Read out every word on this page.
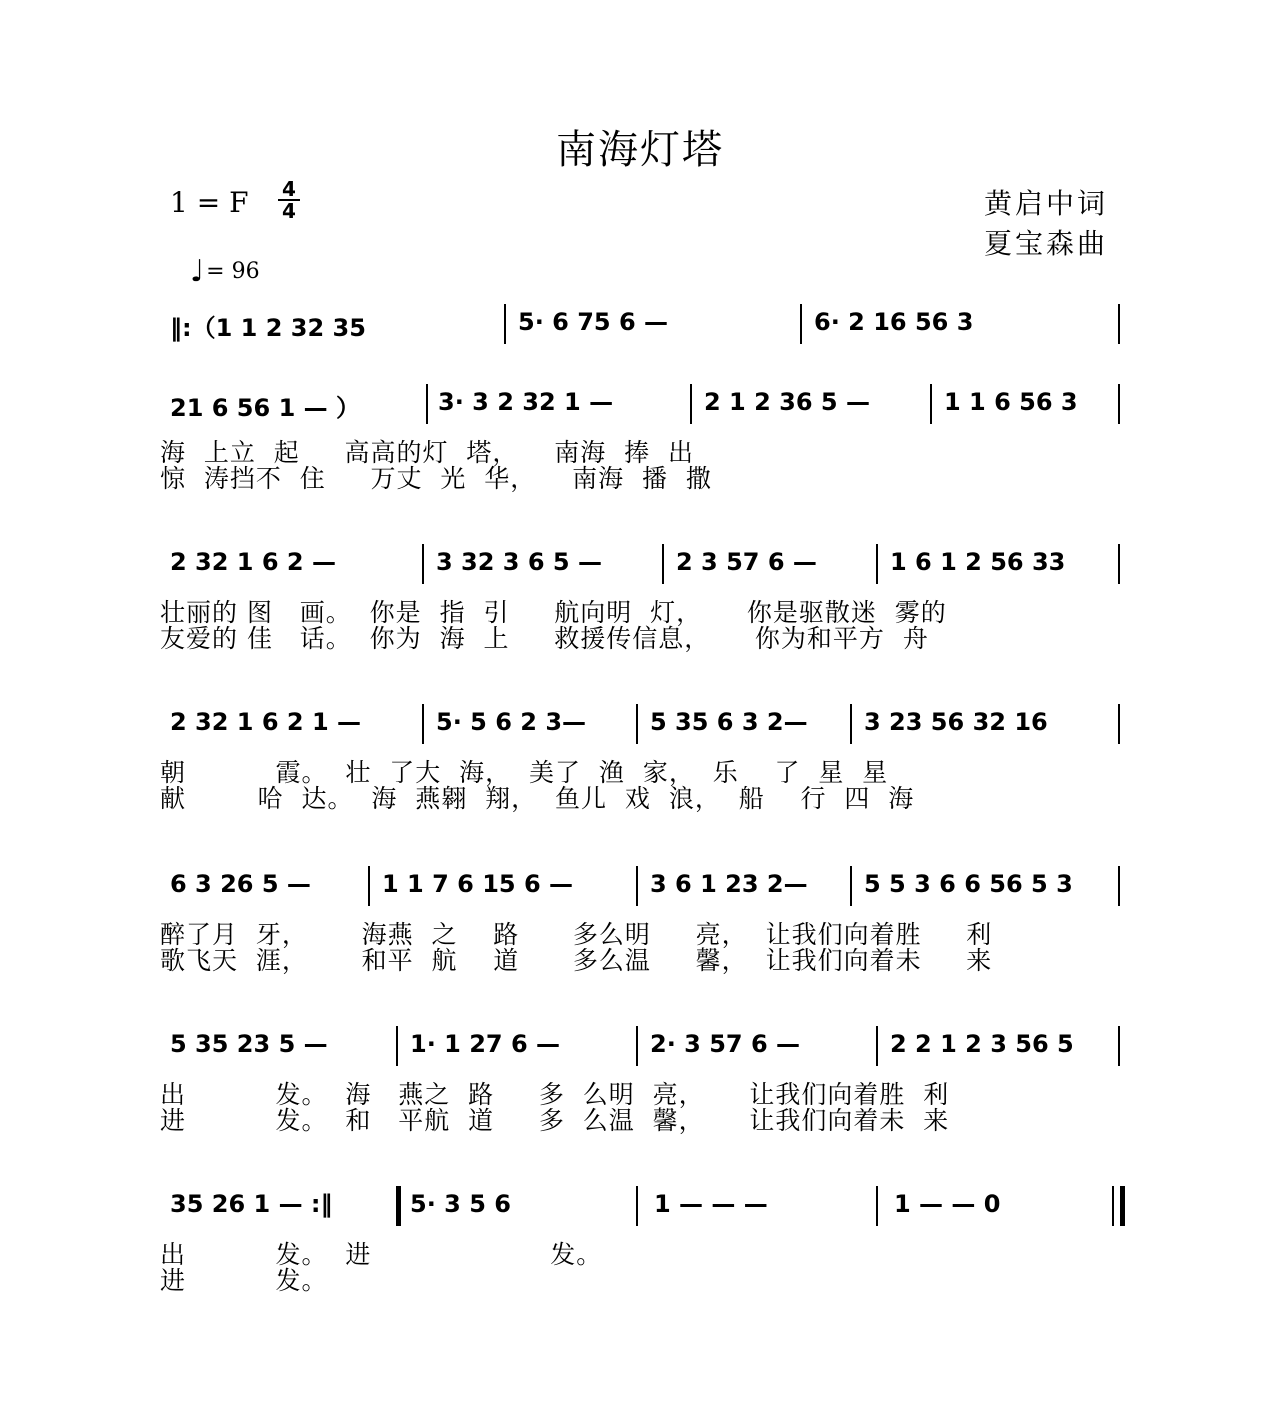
南海灯塔
1 = F 4
4
♩= 96
黄启中词
夏宝森曲
‖:（1 1 2 32 35	5· 6 75 6 —	6· 2 16 56 3
21 6 56 1 — ）	3· 3 2 32 1 —	2 1 2 36 5 —	1 1 6 56 3
海  上立  起     高高的灯  塔，    南海  捧  出
惊  涛挡不  住     万丈  光  华，    南海  播  撒
2 32 1 6 2 —	3 32 3 6 5 —	2 3 57 6 —	1 6 1 2 56 33
壮丽的 图   画。  你是  指  引     航向明  灯，     你是驱散迷  雾的
友爱的 佳   话。  你为  海  上     救援传信息，     你为和平方  舟
2 32 1 6 2 1 —	5· 5 6 2 3—	5 35 6 3 2— 3 23 56 32 16
朝          霞。  壮  了大  海，  美了  渔  家，  乐    了  星  星
献        哈  达。  海  燕翱  翔，  鱼儿  戏  浪，  船    行  四  海
6 3 26 5 —	1 1 7 6 15 6 —	3 6 1 23 2— 5 5 3 6 6 56 5 3
醉了月  牙，      海燕  之    路      多么明     亮，  让我们向着胜     利
歌飞天  涯，      和平  航    道      多么温     馨，  让我们向着未     来
5 35 23 5 —	1· 1 27 6 —	2· 3 57 6 —	2 2 1 2 3 56 5
出          发。  海   燕之  路     多  么明  亮，     让我们向着胜  利
进          发。  和   平航  道     多  么温  馨，     让我们向着未  来
35 26 1 — :‖	5· 3 5 6	1 — — —	1 — — 0
出          发。  进                    发。
进          发。
